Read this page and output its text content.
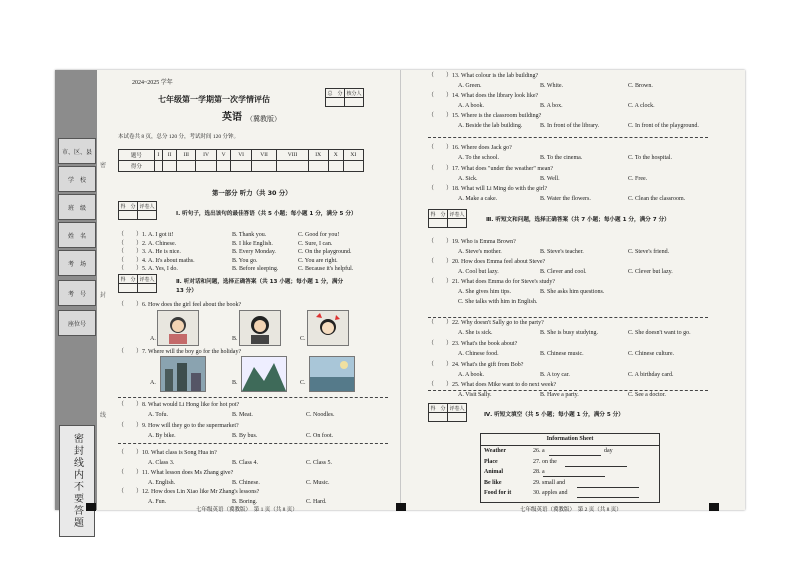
市、区、县
学　校
班　级
姓　名
考　场
考　号
座位号
密封线内不要答题
★★
密
封
线
2024~2025 学年
七年级第一学期第一次学情评估
总　分	核分人

英语 （冀教版）
本试卷共 8 页，总分 120 分，考试时间 120 分钟。
题号	I	II	III	IV	V	VI	VII	VIII	IX	X	XI
得分											
第一部分 听力（共 30 分）
得　分	评卷人

Ⅰ. 听句子，选出该句的最佳答语（共 5 小题；每小题 1 分，满分 5 分）
（　　）1. A. I got it!	B. Thank you.	C. Good for you!
（　　）2. A. Chinese.	B. I like English.	C. Sure, I can.
（　　）3. A. He is nice.	B. Every Monday.	C. On the playground.
（　　）4. A. It's about maths.	B. You go.	C. You are right.
（　　）5. A. Yes, I do.	B. Before sleeping.	C. Because it's helpful.
得　分	评卷人
		Ⅱ. 听对话和问题，选择正确答案（共 13 小题；每小题 1 分，满分
13 分）
（　　）6. How does the girl feel about the book?
A.	B.	C.
（　　）7. Where will the boy go for the holiday?
A.	B.	C.
（　　）8. What would Li Hong like for hot pot?
A. Tofu.	B. Meat.	C. Noodles.
（　　）9. How will they go to the supermarket?
A. By bike.	B. By bus.	C. On foot.
（　　）10. What class is Song Hua in?
A. Class 3.	B. Class 4.	C. Class 5.
（　　）11. What lesson does Ms Zhang give?
A. English.	B. Chinese.	C. Music.
（　　）12. How does Lin Xiao like Mr Zhang's lessons?
A. Fun.	B. Boring.	C. Hard.
（　　）13. What colour is the lab building?
A. Green.	B. White.	C. Brown.
（　　）14. What does the library look like?
A. A book.	B. A box.	C. A clock.
（　　）15. Where is the classroom building?
A. Beside the lab building.	B. In front of the library.	C. In front of the playground.
（　　）16. Where does Jack go?
A. To the school.	B. To the cinema.	C. To the hospital.
（　　）17. What does "under the weather" mean?
A. Sick.	B. Well.	C. Free.
（　　）18. What will Li Ming do with the girl?
A. Make a cake.	B. Water the flowers.	C. Clean the classroom.
得　分	评卷人

Ⅲ. 听短文和问题，选择正确答案（共 7 小题；每小题 1 分，满分 7 分）
（　　）19. Who is Emma Brown?
A. Steve's mother.	B. Steve's teacher.	C. Steve's friend.
（　　）20. How does Emma feel about Steve?
A. Cool but lazy.	B. Clever and cool.	C. Clever but lazy.
（　　）21. What does Emma do for Steve's study?
A. She gives him tips.	B. She asks him questions.
C. She talks with him in English.
（　　）22. Why doesn't Sally go to the party?
A. She is sick.	B. She is busy studying.	C. She doesn't want to go.
（　　）23. What's the book about?
A. Chinese food.	B. Chinese music.	C. Chinese culture.
（　　）24. What's the gift from Bob?
A. A book.	B. A toy car.	C. A birthday card.
（　　）25. What does Mike want to do next week?
A. Visit Sally.	B. Have a party.	C. See a doctor.
得　分	评卷人

Ⅳ. 听短文填空（共 5 小题；每小题 1 分，满分 5 分）
Information Sheet
Weather	26. a	day
Place	27. on the
Animal	28. a
Be like	29. small and
Food for it	30. apples and
七年级英语（冀教版）　第 1 页（共 8 页）	七年级英语（冀教版）　第 2 页（共 8 页）
